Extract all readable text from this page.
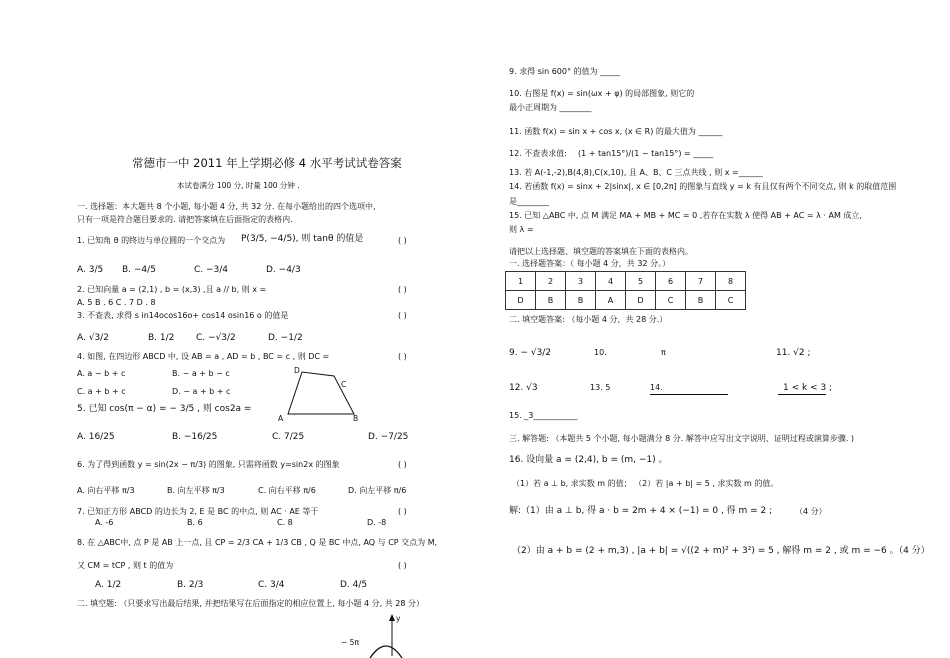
常德市一中 2011 年上学期必修 4 水平考试试卷答案
本试卷满分 100 分, 时量 100 分钟 .
一. 选择题：本大题共 8 个小题, 每小题 4 分, 共 32 分. 在每小题给出的四个选项中,
只有一项是符合题目要求的. 请把答案填在后面指定的表格内.
1. 已知角 θ 的终边与单位圆的一个交点为 P(3/5, −4/5), 则 tanθ 的值是	( )
A. 3/5 B. −4/5	C. −3/4	D. −4/3
2. 已知向量 a = (2,1) , b = (x,3) ,且 a // b, 则 x =	( )
A. 5 B . 6 C . 7 D . 8
3. 不查表, 求得 s in14ocos16o+ cos14 osin16 o 的值是	( )
A. √3/2	B. 1/2 C. −√3/2	D. −1/2
4. 如图, 在四边形 ABCD 中, 设 AB = a , AD = b , BC = c , 则 DC =	( )
A. a − b + c	B. − a + b − c
C. a + b + c	D. − a + b + c
D
C
A	B
5. 已知 cos(π − α) = − 3/5 , 则 cos2a =
A. 16/25	B. −16/25	C. 7/25	D. −7/25
6. 为了得到函数 y = sin(2x − π/3) 的图象, 只需将函数 y=sin2x 的图象	( )
A. 向右平移 π/3	B. 向左平移 π/3	C. 向右平移 π/6	D. 向左平移 π/6
7. 已知正方形 ABCD 的边长为 2, E 是 BC 的中点, 则 AC · AE 等于	( )
A. -6	B. 6	C. 8	D. -8
8. 在 △ABC中, 点 P 是 AB 上一点, 且 CP = 2/3 CA + 1/3 CB , Q 是 BC 中点, AQ 与 CP 交点为 M,
又 CM = tCP , 则 t 的值为	( )
A. 1/2	B. 2/3	C. 3/4	D. 4/5
二. 填空题: （只要求写出最后结果, 并把结果写在后面指定的相应位置上, 每小题 4 分, 共 28 分）
y
− 5π
9. 求得 sin 600° 的值为 _____
10. 右图是 f(x) = sin(ωx + φ) 的局部图象, 则它的
最小正周期为 ________
11. 函数 f(x) = sin x + cos x, (x ∈ R) 的最大值为 ______
12. 不查表求值: (1 + tan15°)/(1 − tan15°) = _____
13. 若 A(-1,-2),B(4,8),C(x,10), 且 A、B、C 三点共线 , 则 x =______
14. 若函数 f(x) = sinx + 2|sinx|, x ∈ [0,2π] 的图象与直线 y = k 有且仅有两个不同交点, 则 k 的取值范围
是________
15. 已知 △ABC 中, 点 M 满足 MA + MB + MC = 0 ,若存在实数 λ 使得 AB + AC = λ · AM 成立,
则 λ =
请把以上选择题、填空题的答案填在下面的表格内。
一. 选择题答案：（ 每小题 4 分，共 32 分。）
1	2	3	4	5	6	7	8
D	B	B	A	D	C	B	C
二. 填空题答案: （每小题 4 分，共 28 分.）
9. − √3/2	10.	π	11. √2 ;
12. √3	13. 5	14.	1 < k < 3 ;
15. _3___________
三. 解答题: （本题共 5 个小题, 每小题满分 8 分. 解答中应写出文字说明、证明过程或演算步骤. )
16. 设向量 a = (2,4), b = (m, −1) 。
（1）若 a ⊥ b, 求实数 m 的值； （2）若 |a + b| = 5 , 求实数 m 的值。
解:（1）由 a ⊥ b, 得 a · b = 2m + 4 × (−1) = 0 , 得 m = 2 ;	（4 分）
（2）由 a + b = (2 + m,3) , |a + b| = √((2 + m)² + 3²) = 5 , 解得 m = 2 , 或 m = −6 。（4 分）
